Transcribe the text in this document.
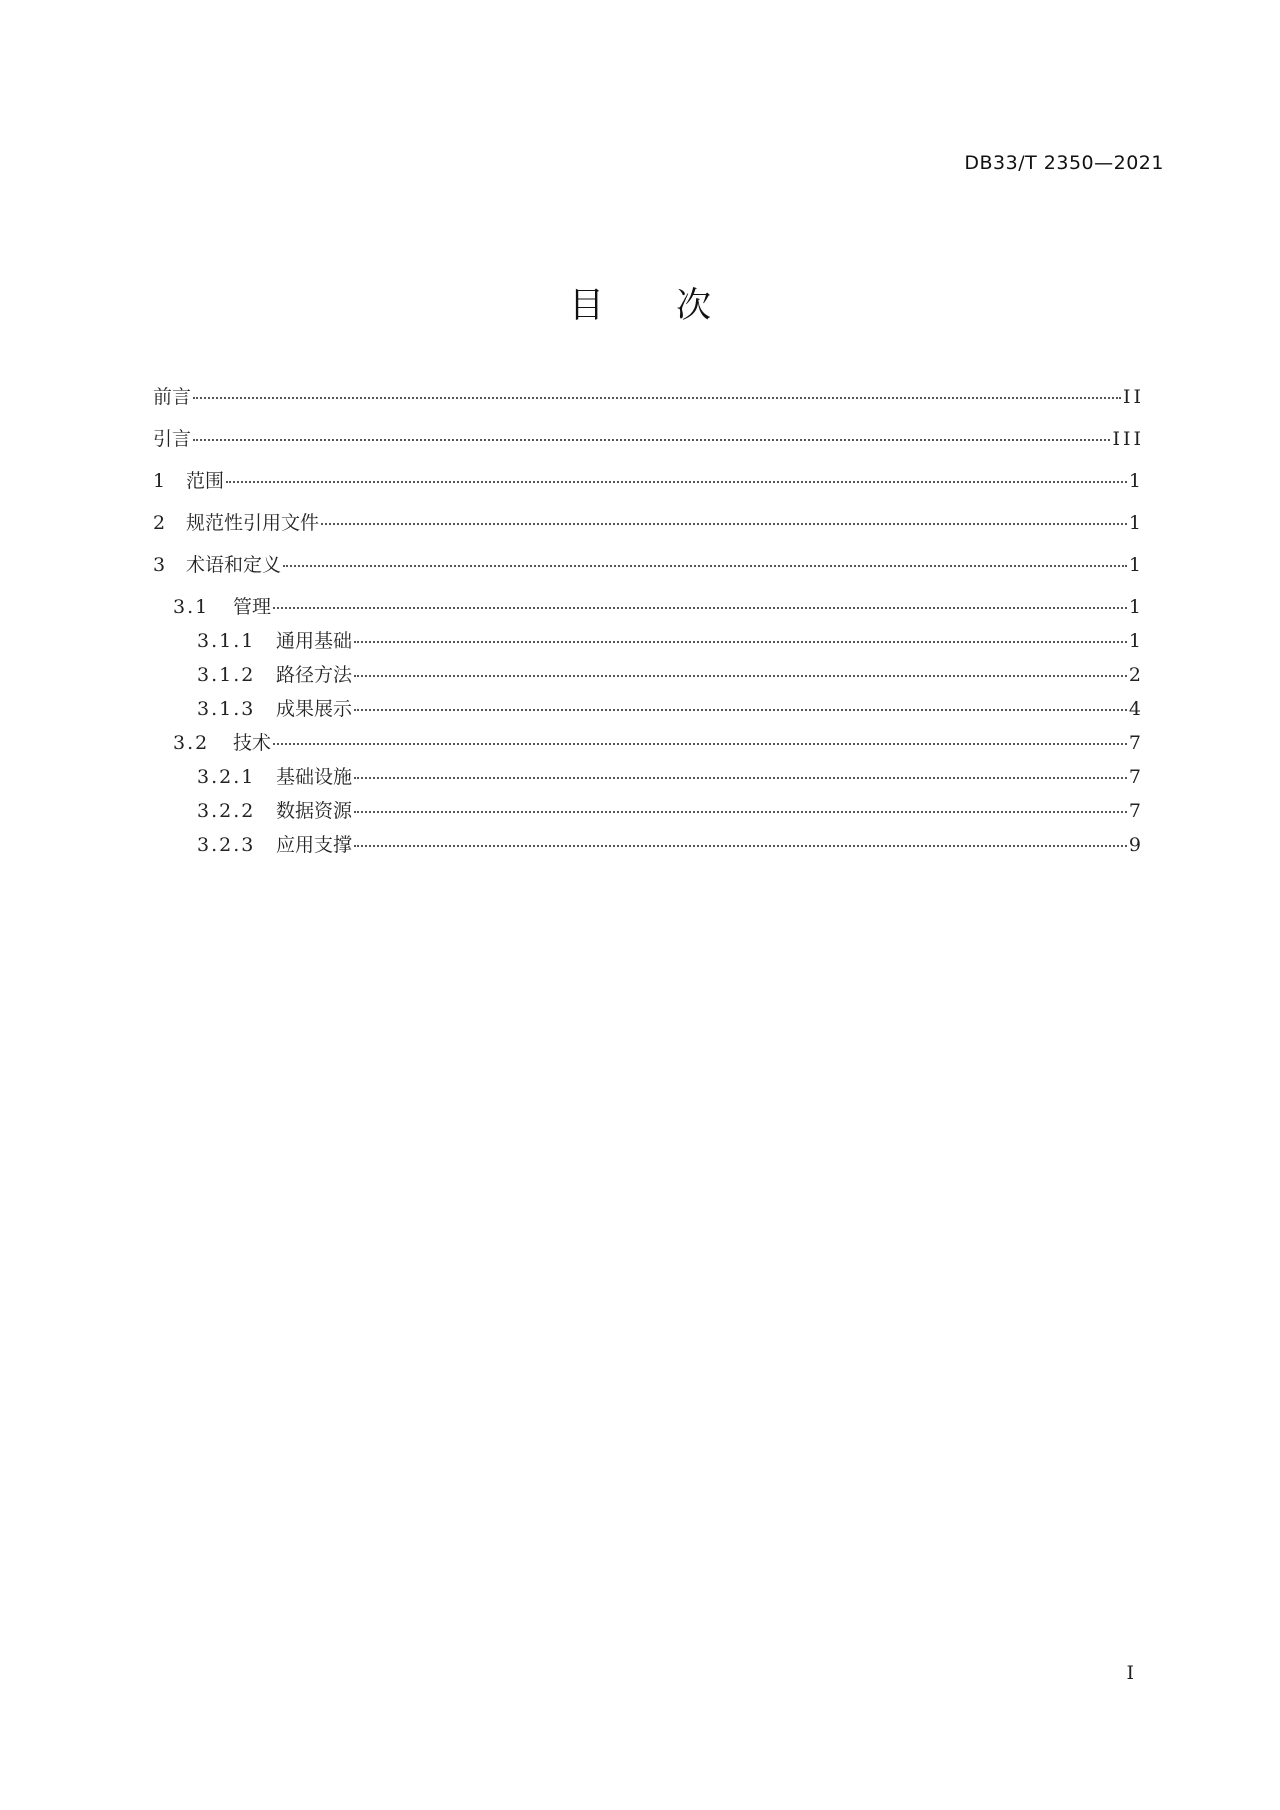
DB33/T 2350—2021
目 次
前言	II
引言	III
1	范围	1
2	规范性引用文件	1
3	术语和定义	1
3.1	管理	1
3.1.1	通用基础	1
3.1.2	路径方法	2
3.1.3	成果展示	4
3.2	技术	7
3.2.1	基础设施	7
3.2.2	数据资源	7
3.2.3	应用支撑	9
I
